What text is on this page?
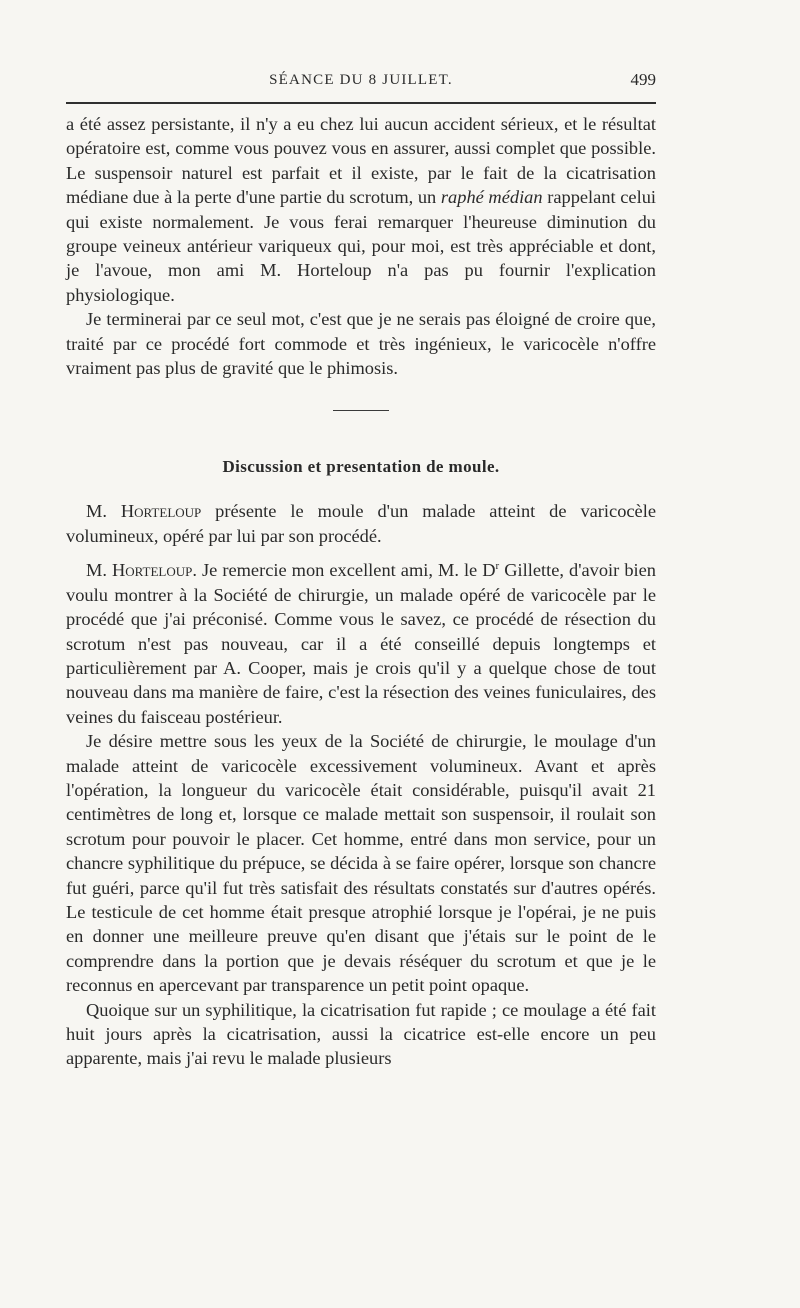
SÉANCE DU 8 JUILLET.	499

a été assez persistante, il n'y a eu chez lui aucun accident sérieux, et le résultat opératoire est, comme vous pouvez vous en assurer, aussi complet que possible. Le suspensoir naturel est parfait et il existe, par le fait de la cicatrisation médiane due à la perte d'une partie du scrotum, un raphé médian rappelant celui qui existe normalement. Je vous ferai remarquer l'heureuse diminution du groupe veineux antérieur variqueux qui, pour moi, est très appréciable et dont, je l'avoue, mon ami M. Horteloup n'a pas pu fournir l'explication physiologique.

Je terminerai par ce seul mot, c'est que je ne serais pas éloigné de croire que, traité par ce procédé fort commode et très ingénieux, le varicocèle n'offre vraiment pas plus de gravité que le phimosis.

Discussion et presentation de moule.

M. Horteloup présente le moule d'un malade atteint de varicocèle volumineux, opéré par lui par son procédé.

M. Horteloup. Je remercie mon excellent ami, M. le $D^r$ Gillette, d'avoir bien voulu montrer à la Société de chirurgie, un malade opéré de varicocèle par le procédé que j'ai préconisé. Comme vous le savez, ce procédé de résection du scrotum n'est pas nouveau, car il a été conseillé depuis longtemps et particulièrement par A. Cooper, mais je crois qu'il y a quelque chose de tout nouveau dans ma manière de faire, c'est la résection des veines funiculaires, des veines du faisceau postérieur.

Je désire mettre sous les yeux de la Société de chirurgie, le moulage d'un malade atteint de varicocèle excessivement volumineux. Avant et après l'opération, la longueur du varicocèle était considérable, puisqu'il avait 21 centimètres de long et, lorsque ce malade mettait son suspensoir, il roulait son scrotum pour pouvoir le placer. Cet homme, entré dans mon service, pour un chancre syphilitique du prépuce, se décida à se faire opérer, lorsque son chancre fut guéri, parce qu'il fut très satisfait des résultats constatés sur d'autres opérés. Le testicule de cet homme était presque atrophié lorsque je l'opérai, je ne puis en donner une meilleure preuve qu'en disant que j'étais sur le point de le comprendre dans la portion que je devais réséquer du scrotum et que je le reconnus en apercevant par transparence un petit point opaque.

Quoique sur un syphilitique, la cicatrisation fut rapide ; ce moulage a été fait huit jours après la cicatrisation, aussi la cicatrice est-elle encore un peu apparente, mais j'ai revu le malade plusieurs
